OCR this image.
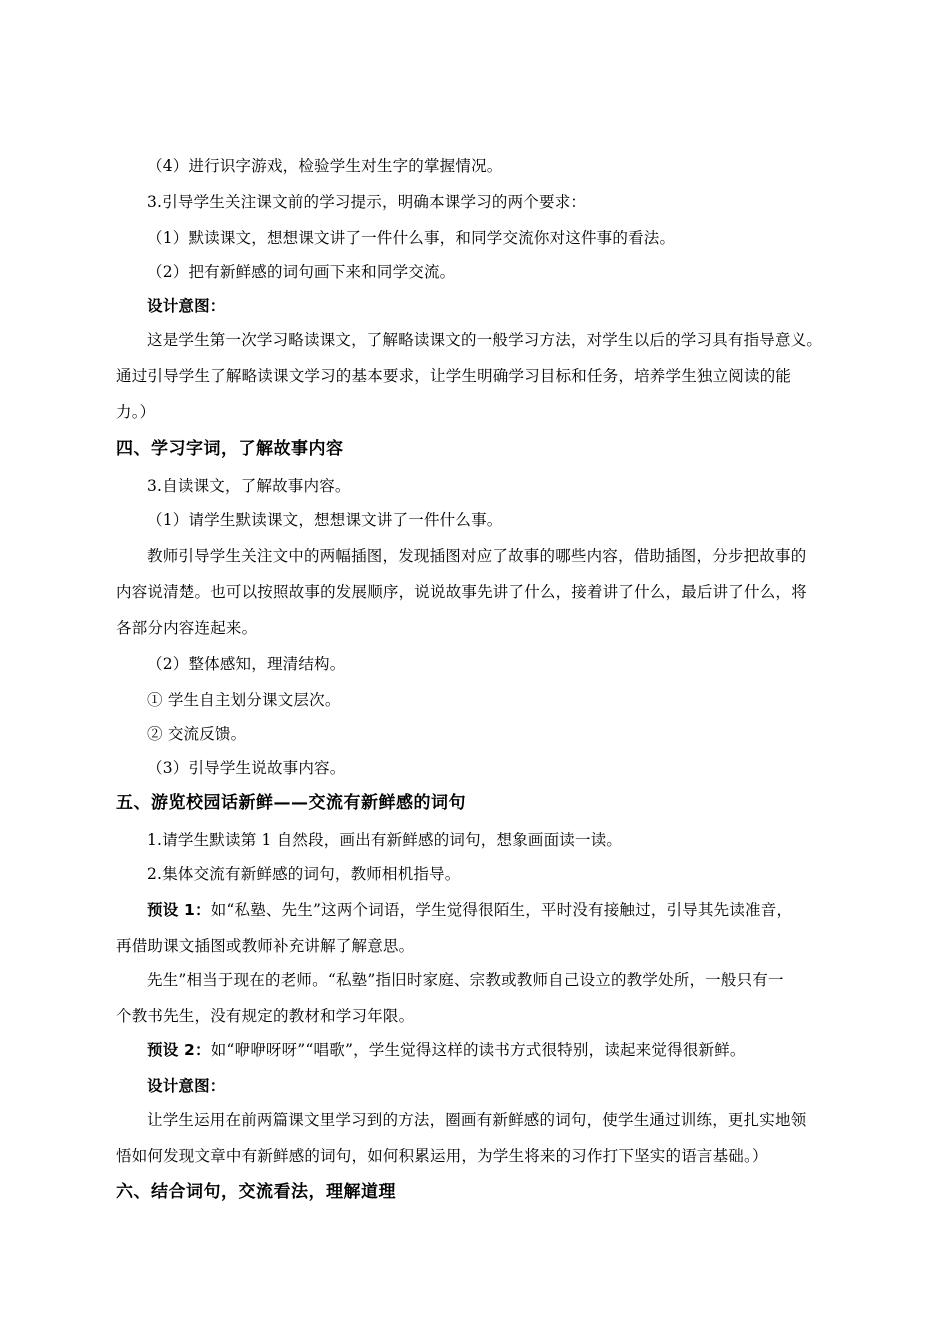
（4）进行识字游戏，检验学生对生字的掌握情况。
3.引导学生关注课文前的学习提示，明确本课学习的两个要求：
（1）默读课文，想想课文讲了一件什么事，和同学交流你对这件事的看法。
（2）把有新鲜感的词句画下来和同学交流。
设计意图：
这是学生第一次学习略读课文，了解略读课文的一般学习方法，对学生以后的学习具有指导意义。
通过引导学生了解略读课文学习的基本要求，让学生明确学习目标和任务，培养学生独立阅读的能
力。）
四、学习字词，了解故事内容
3.自读课文，了解故事内容。
（1）请学生默读课文，想想课文讲了一件什么事。
教师引导学生关注文中的两幅插图，发现插图对应了故事的哪些内容，借助插图，分步把故事的
内容说清楚。也可以按照故事的发展顺序，说说故事先讲了什么，接着讲了什么，最后讲了什么，将
各部分内容连起来。
（2）整体感知，理清结构。
① 学生自主划分课文层次。
② 交流反馈。
（3）引导学生说故事内容。
五、游览校园话新鲜——交流有新鲜感的词句
1.请学生默读第 1 自然段，画出有新鲜感的词句，想象画面读一读。
2.集体交流有新鲜感的词句，教师相机指导。
预设 1：如“私塾、先生”这两个词语，学生觉得很陌生，平时没有接触过，引导其先读准音，
再借助课文插图或教师补充讲解了解意思。
先生”相当于现在的老师。“私塾”指旧时家庭、宗教或教师自己设立的教学处所，一般只有一
个教书先生，没有规定的教材和学习年限。
预设 2：如“咿咿呀呀”“唱歌”，学生觉得这样的读书方式很特别，读起来觉得很新鲜。
设计意图：
让学生运用在前两篇课文里学习到的方法，圈画有新鲜感的词句，使学生通过训练，更扎实地领
悟如何发现文章中有新鲜感的词句，如何积累运用，为学生将来的习作打下坚实的语言基础。）
六、结合词句，交流看法，理解道理
